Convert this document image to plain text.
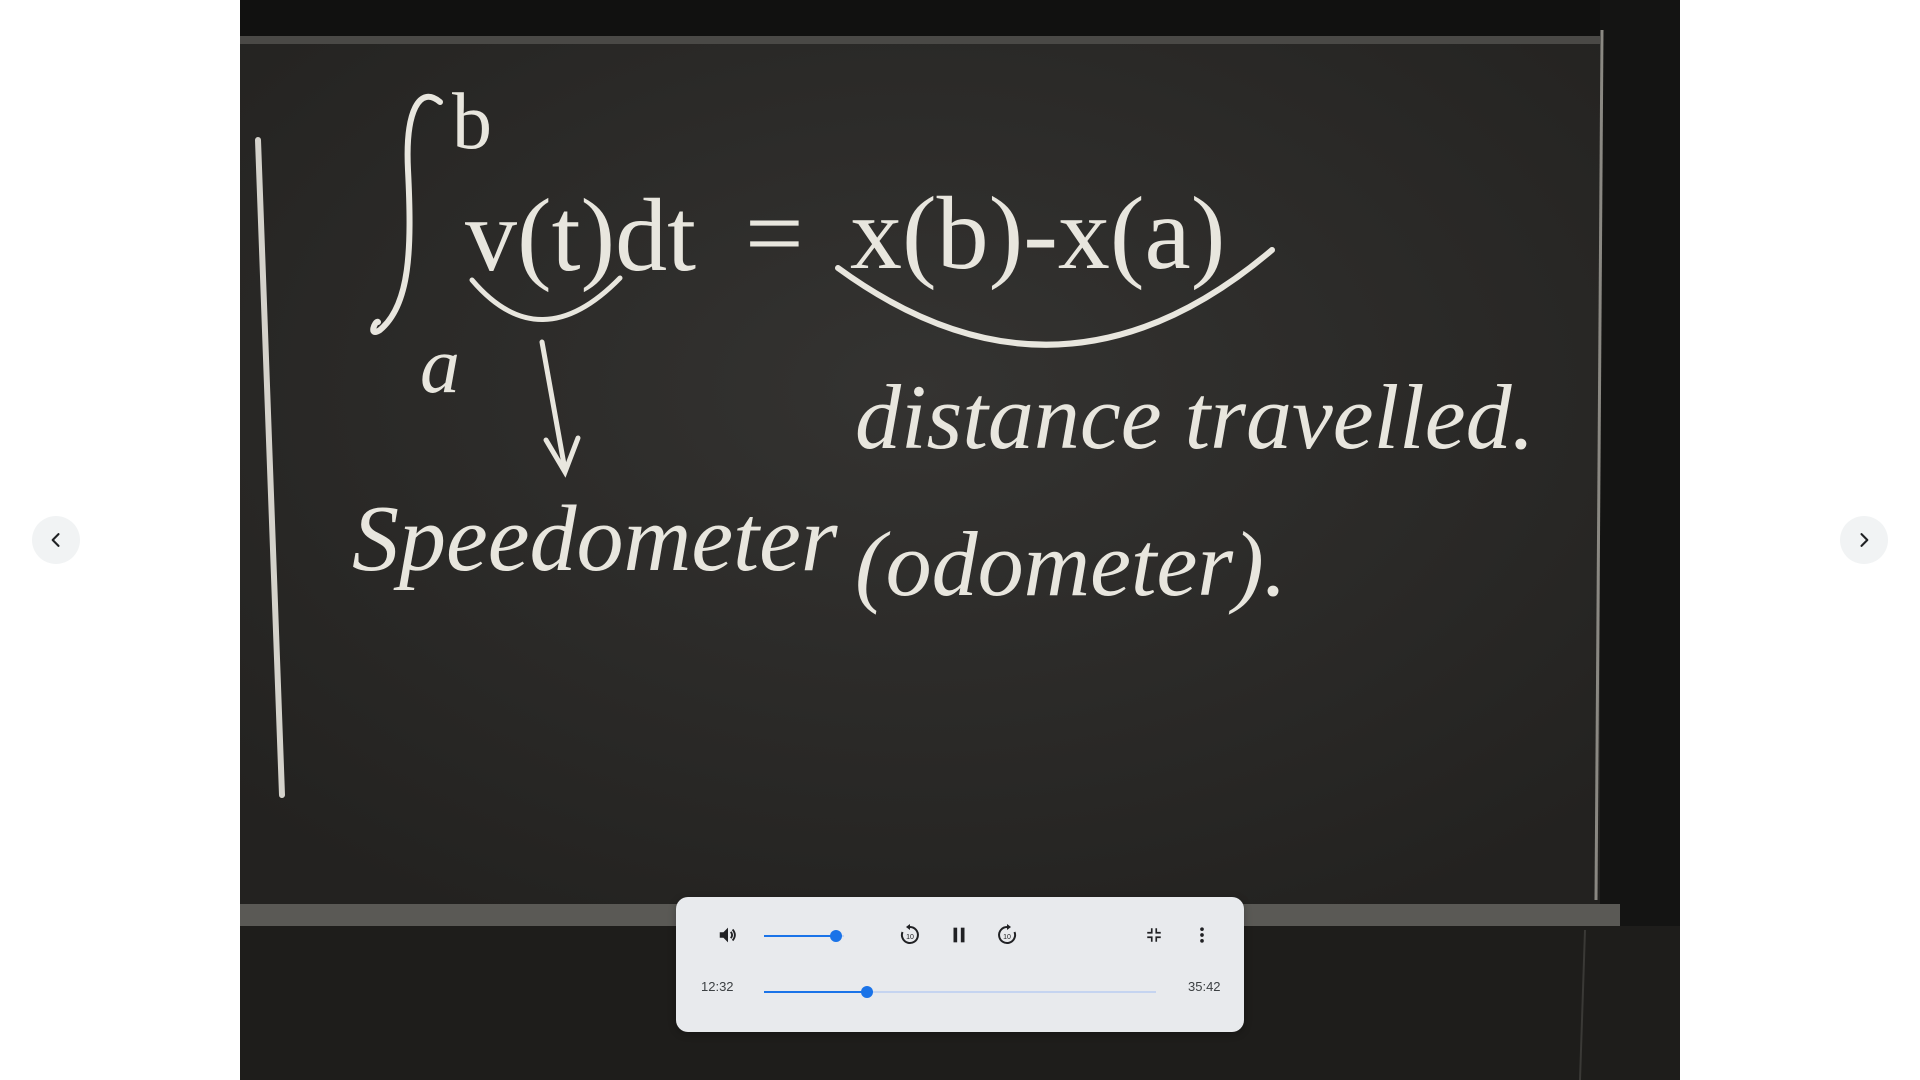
b
a
v(t)dt = x(b)-x(a)
Speedometer
distance travelled.
(odometer).
10	10
12:32	35:42
